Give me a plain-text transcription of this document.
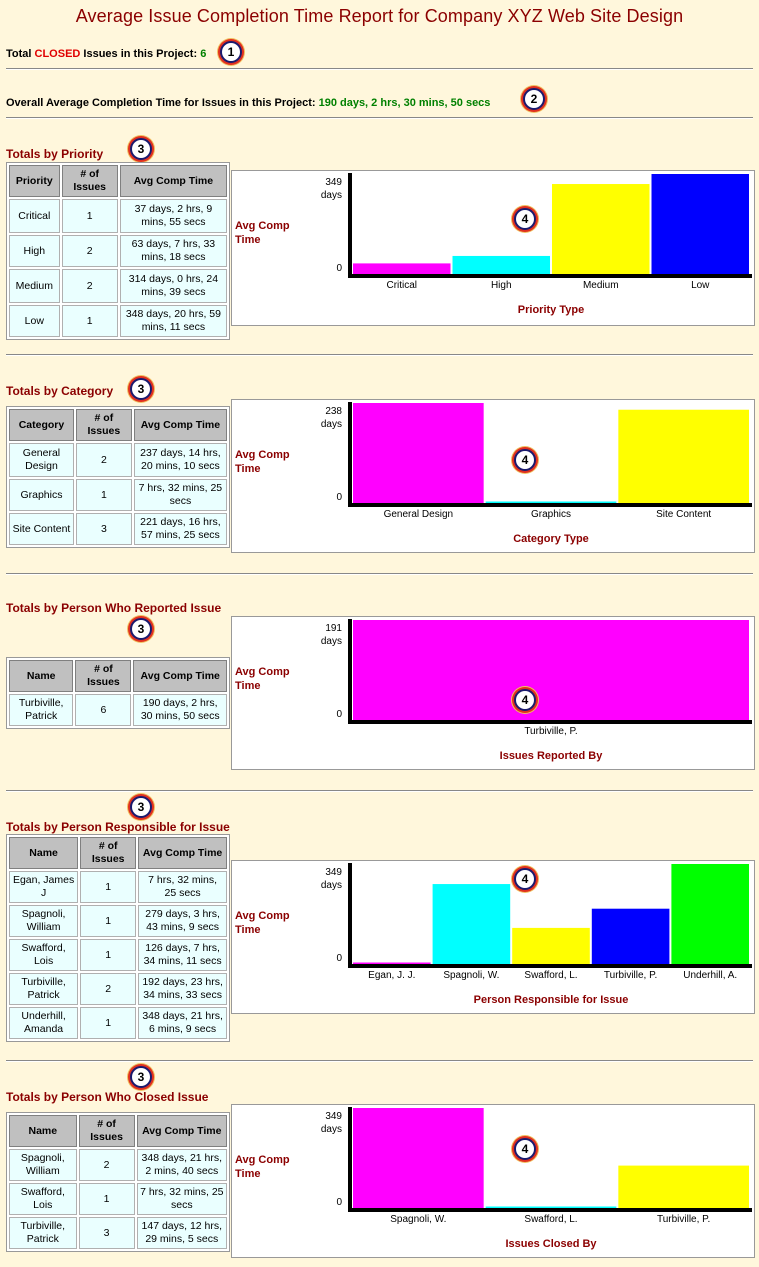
Average Issue Completion Time Report for Company XYZ Web Site Design
Total CLOSED Issues in this Project: 6	1
Overall Average Completion Time for Issues in this Project: 190 days, 2 hrs, 30 mins, 50 secs	2
Totals by Priority	3
Priority	# of Issues	Avg Comp Time
Critical	1	37 days, 2 hrs, 9 mins, 55 secs
High	2	63 days, 7 hrs, 33 mins, 18 secs
Medium	2	314 days, 0 hrs, 24 mins, 39 secs
Low	1	348 days, 20 hrs, 59 mins, 11 secs
Avg Comp Time
349 days
0
Critical	High	Medium	Low
Priority Type
4
Totals by Category	3
Category	# of Issues	Avg Comp Time
General Design	2	237 days, 14 hrs, 20 mins, 10 secs
Graphics	1	7 hrs, 32 mins, 25 secs
Site Content	3	221 days, 16 hrs, 57 mins, 25 secs
Avg Comp Time
238 days
0
General Design	Graphics	Site Content
Category Type
4
Totals by Person Who Reported Issue
3
Name	# of Issues	Avg Comp Time
Turbiville, Patrick	6	190 days, 2 hrs, 30 mins, 50 secs
Avg Comp Time
191 days
0
Turbiville, P.
Issues Reported By
4
3
Totals by Person Responsible for Issue
Name	# of Issues	Avg Comp Time
Egan, James J	1	7 hrs, 32 mins, 25 secs
Spagnoli, William	1	279 days, 3 hrs, 43 mins, 9 secs
Swafford, Lois	1	126 days, 7 hrs, 34 mins, 11 secs
Turbiville, Patrick	2	192 days, 23 hrs, 34 mins, 33 secs
Underhill, Amanda	1	348 days, 21 hrs, 6 mins, 9 secs
Avg Comp Time
349 days
0
Egan, J. J.	Spagnoli, W. Swafford, L.	Turbiville, P.	Underhill, A.
Person Responsible for Issue
4
3
Totals by Person Who Closed Issue
Name	# of Issues	Avg Comp Time
Spagnoli, William	2	348 days, 21 hrs, 2 mins, 40 secs
Swafford, Lois	1	7 hrs, 32 mins, 25 secs
Turbiville, Patrick	3	147 days, 12 hrs, 29 mins, 5 secs
Avg Comp Time
349 days
0
Spagnoli, W.	Swafford, L.	Turbiville, P.
Issues Closed By
4
